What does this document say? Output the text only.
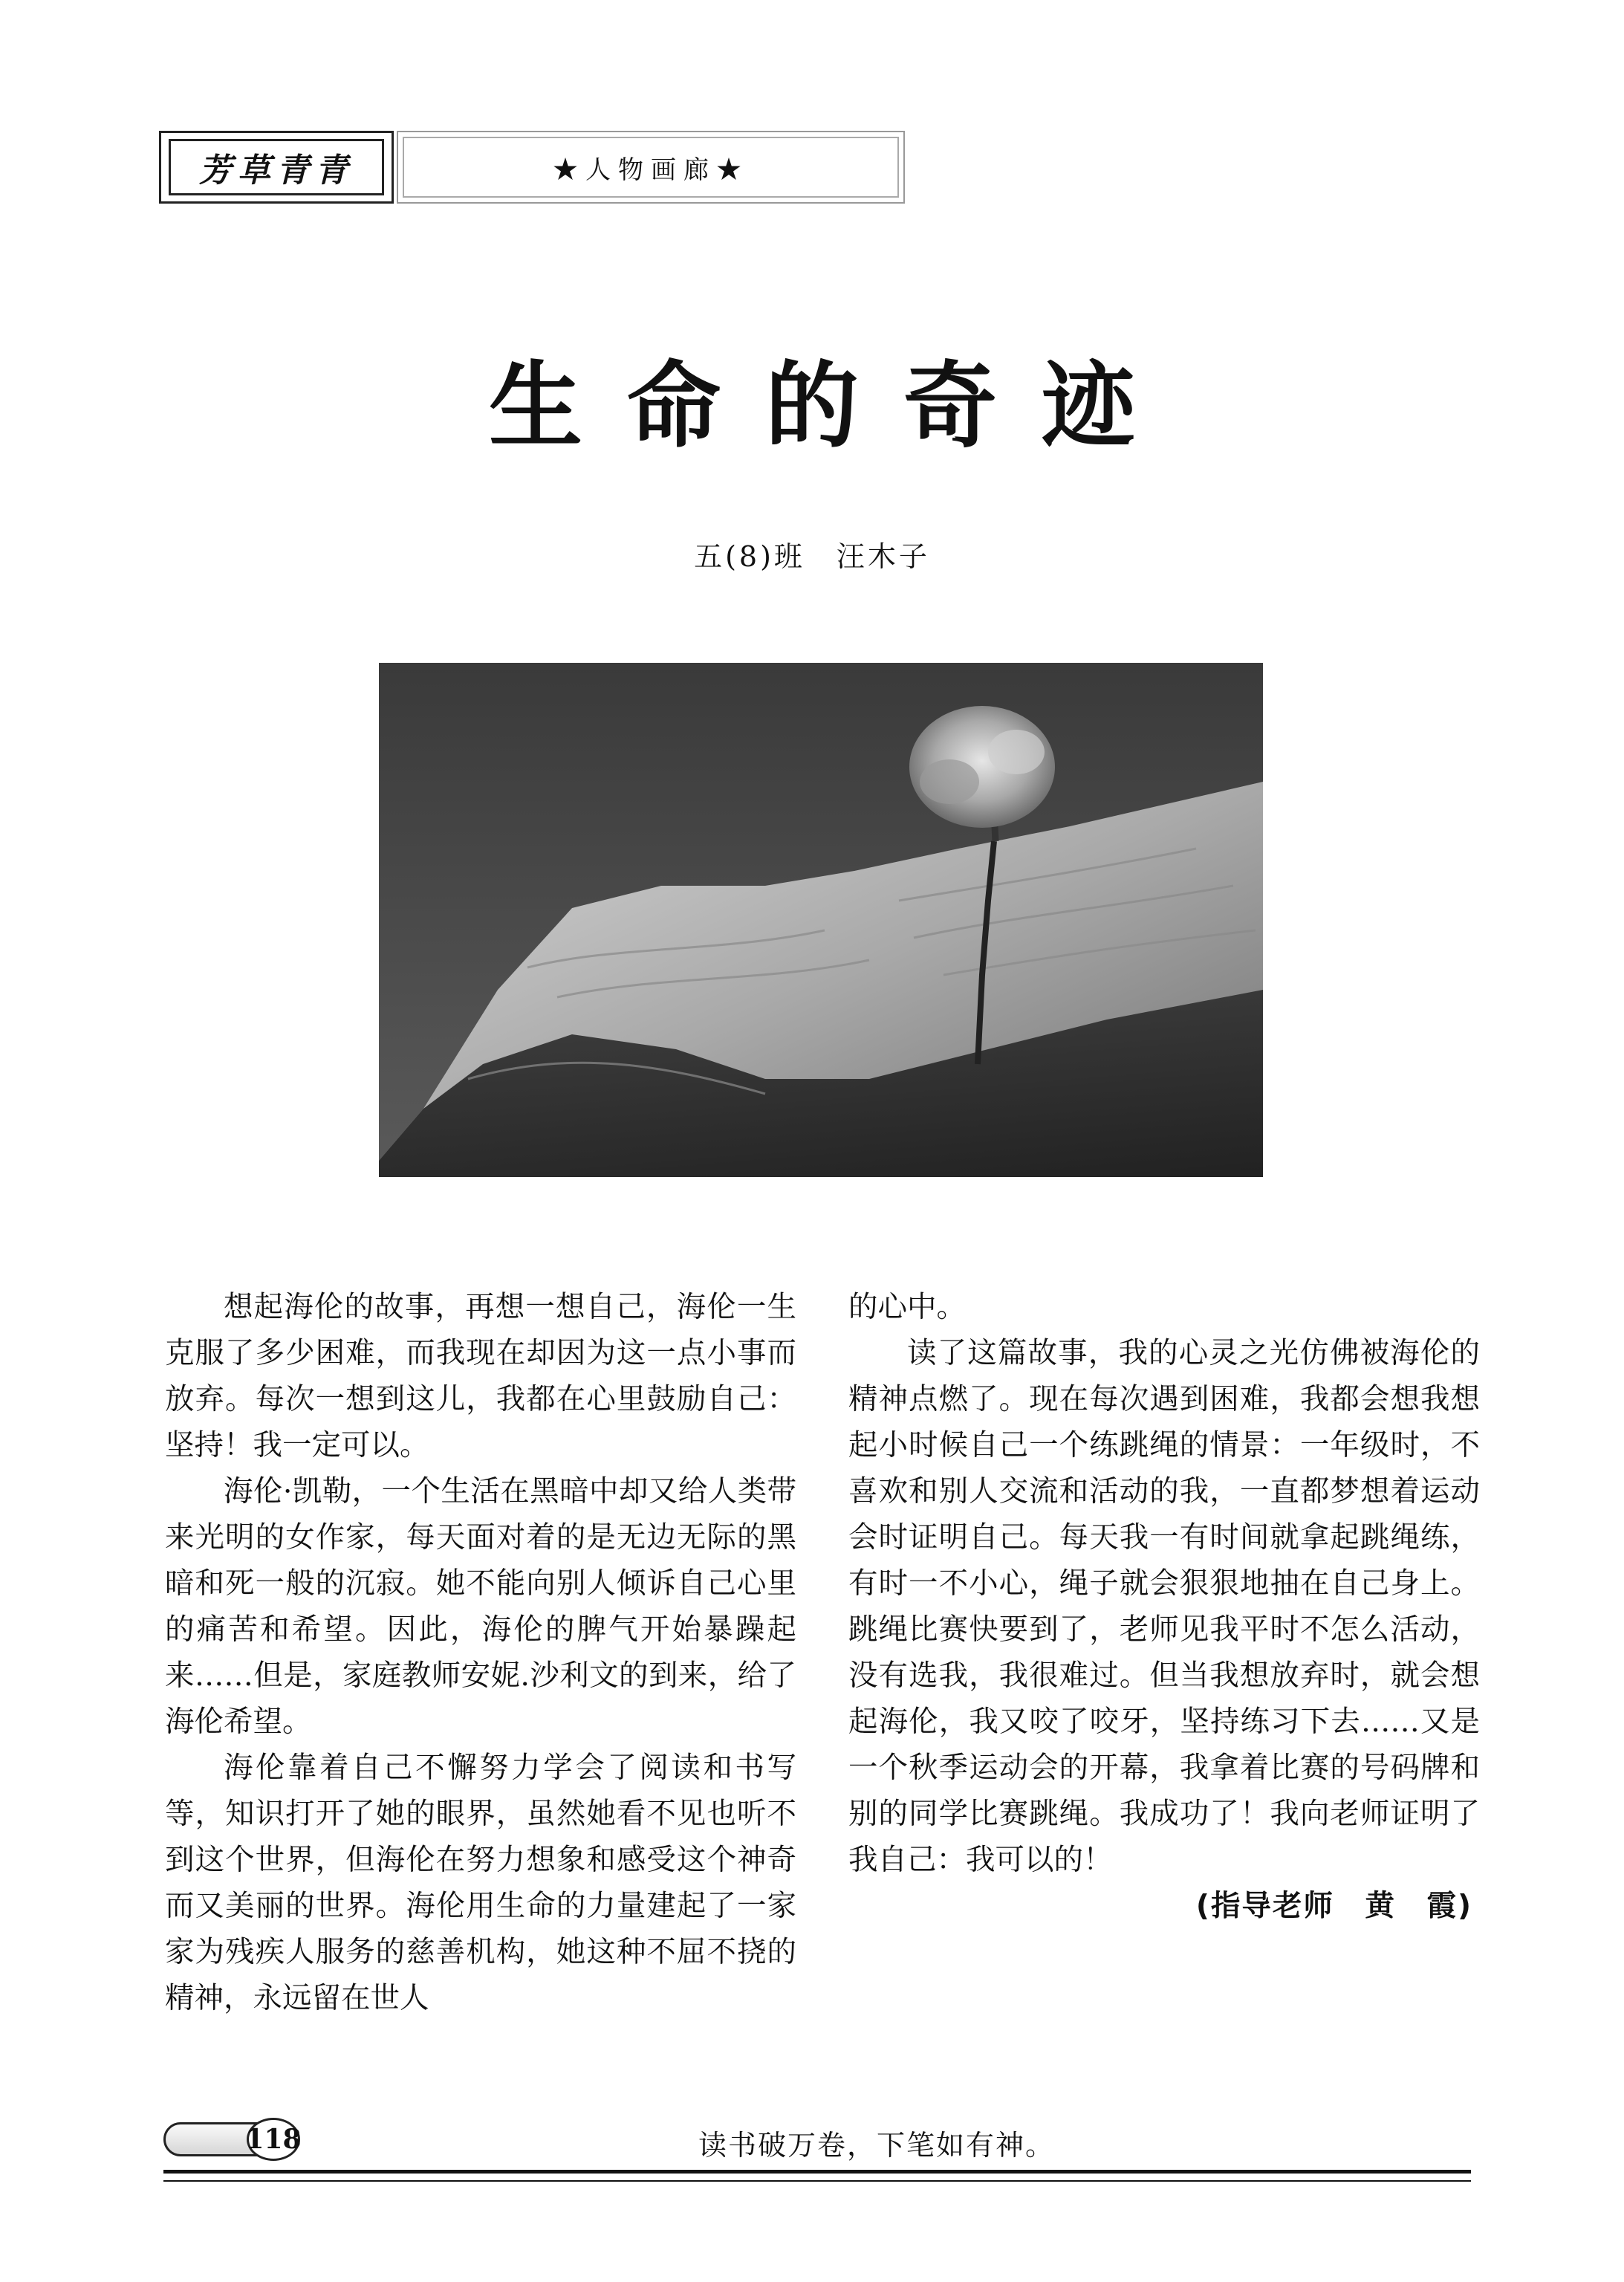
芳草青青	★人物画廊★
生命的奇迹
五(8)班　汪木子

想起海伦的故事，再想一想自己，海伦一生克服了多少困难，而我现在却因为这一点小事而放弃。每次一想到这儿，我都在心里鼓励自己：坚持！我一定可以。

海伦·凯勒，一个生活在黑暗中却又给人类带来光明的女作家，每天面对着的是无边无际的黑暗和死一般的沉寂。她不能向别人倾诉自己心里的痛苦和希望。因此，海伦的脾气开始暴躁起来……但是，家庭教师安妮.沙利文的到来，给了海伦希望。

海伦靠着自己不懈努力学会了阅读和书写等，知识打开了她的眼界，虽然她看不见也听不到这个世界，但海伦在努力想象和感受这个神奇而又美丽的世界。海伦用生命的力量建起了一家家为残疾人服务的慈善机构，她这种不屈不挠的精神，永远留在世人

的心中。

读了这篇故事，我的心灵之光仿佛被海伦的精神点燃了。现在每次遇到困难，我都会想我想起小时候自己一个练跳绳的情景：一年级时，不喜欢和别人交流和活动的我，一直都梦想着运动会时证明自己。每天我一有时间就拿起跳绳练，有时一不小心，绳子就会狠狠地抽在自己身上。跳绳比赛快要到了，老师见我平时不怎么活动，没有选我，我很难过。但当我想放弃时，就会想起海伦，我又咬了咬牙，坚持练习下去……又是一个秋季运动会的开幕，我拿着比赛的号码牌和别的同学比赛跳绳。我成功了！我向老师证明了我自己：我可以的！

(指导老师　黄　霞)

118	读书破万卷，下笔如有神。
